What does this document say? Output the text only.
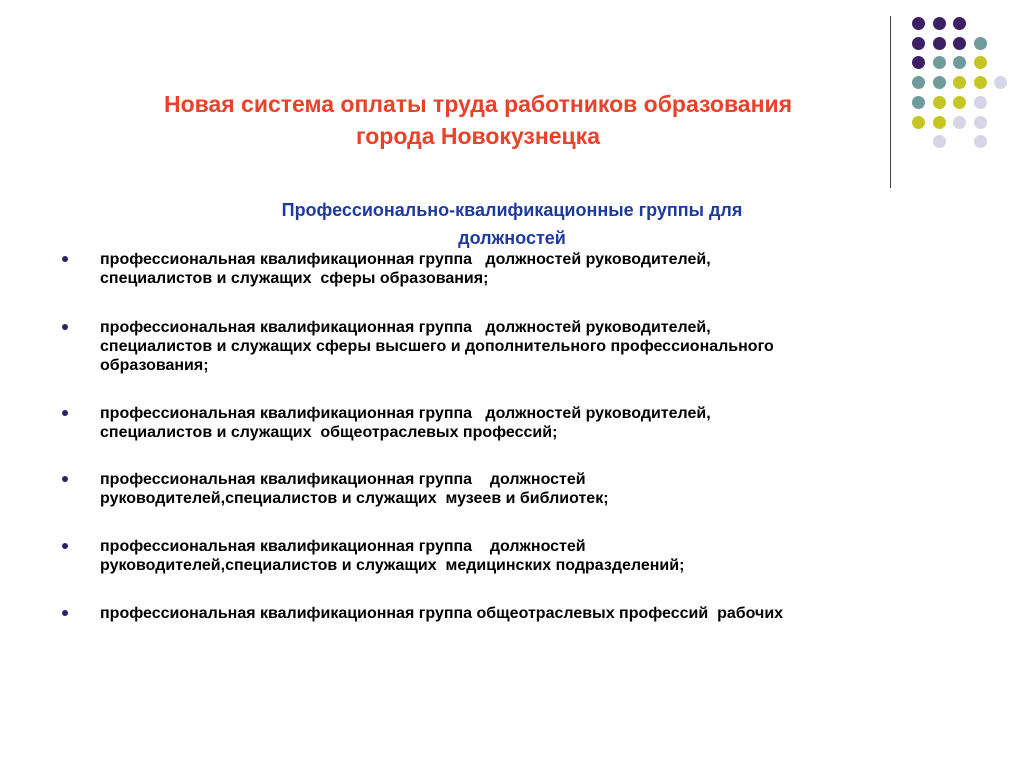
Новая система оплаты труда работников образования
города Новокузнецка
Профессионально-квалификационные группы для
должностей
профессиональная квалификационная группа   должностей руководителей,
специалистов и служащих  сферы образования;
профессиональная квалификационная группа   должностей руководителей,
специалистов и служащих сферы высшего и дополнительного профессионального
образования;
профессиональная квалификационная группа   должностей руководителей,
специалистов и служащих  общеотраслевых профессий;
профессиональная квалификационная группа    должностей
руководителей,специалистов и служащих  музеев и библиотек;
профессиональная квалификационная группа    должностей
руководителей,специалистов и служащих  медицинских подразделений;
профессиональная квалификационная группа общеотраслевых профессий  рабочих
